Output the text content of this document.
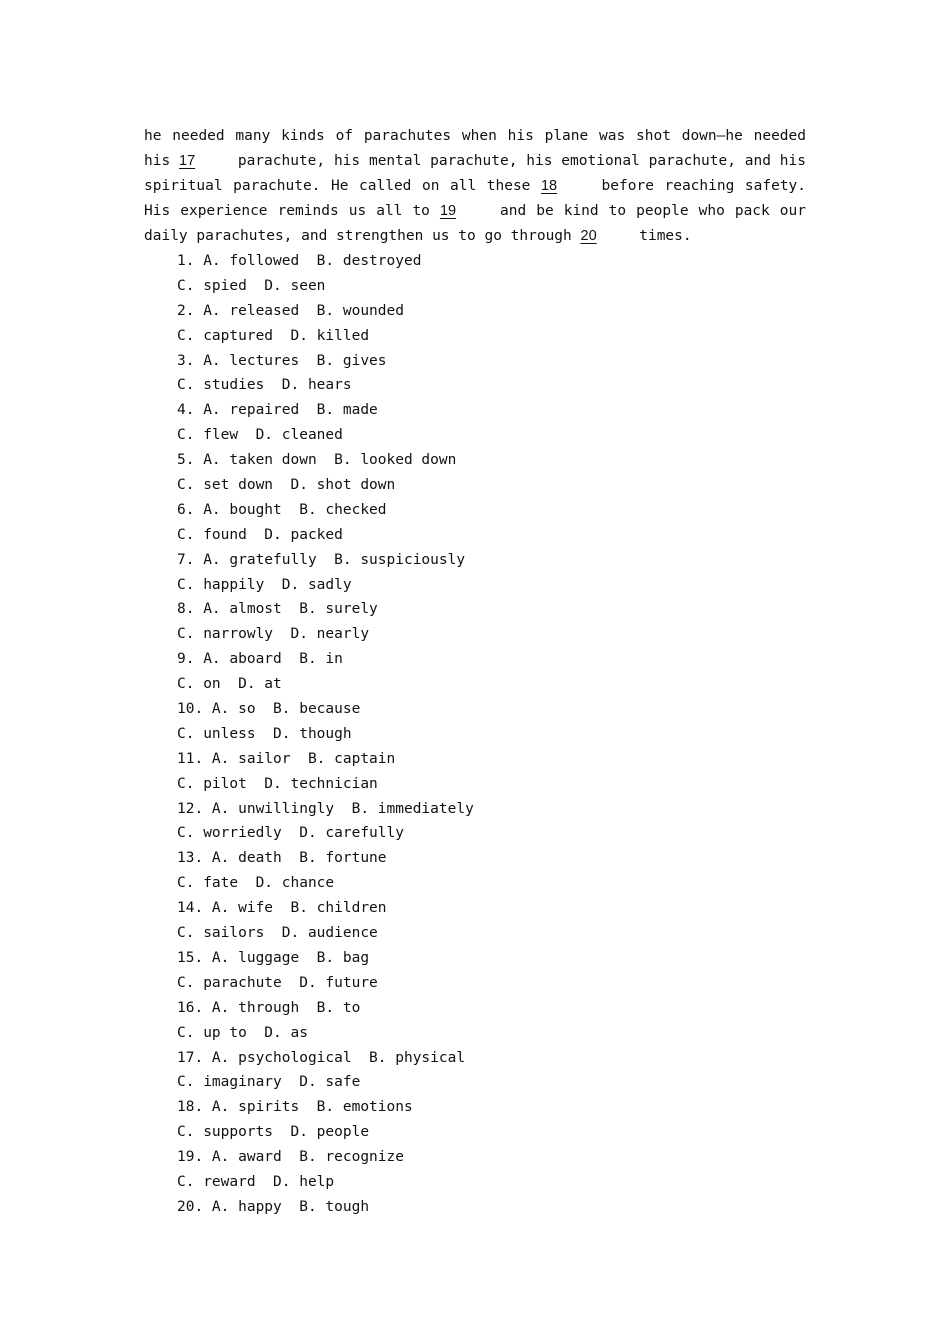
he needed many kinds of parachutes when his plane was shot down—he needed his 17 parachute, his mental parachute, his emotional parachute, and his spiritual parachute. He called on all these 18 before reaching safety. His experience reminds us all to 19 and be kind to people who pack our daily parachutes, and strengthen us to go through 20 times.

1. A. followed  B. destroyed
C. spied  D. seen
2. A. released  B. wounded
C. captured  D. killed
3. A. lectures  B. gives
C. studies  D. hears
4. A. repaired  B. made
C. flew  D. cleaned
5. A. taken down  B. looked down
C. set down  D. shot down
6. A. bought  B. checked
C. found  D. packed
7. A. gratefully  B. suspiciously
C. happily  D. sadly
8. A. almost  B. surely
C. narrowly  D. nearly
9. A. aboard  B. in
C. on  D. at
10. A. so  B. because
C. unless  D. though
11. A. sailor  B. captain
C. pilot  D. technician
12. A. unwillingly  B. immediately
C. worriedly  D. carefully
13. A. death  B. fortune
C. fate  D. chance
14. A. wife  B. children
C. sailors  D. audience
15. A. luggage  B. bag
C. parachute  D. future
16. A. through  B. to
C. up to  D. as
17. A. psychological  B. physical
C. imaginary  D. safe
18. A. spirits  B. emotions
C. supports  D. people
19. A. award  B. recognize
C. reward  D. help
20. A. happy  B. tough
